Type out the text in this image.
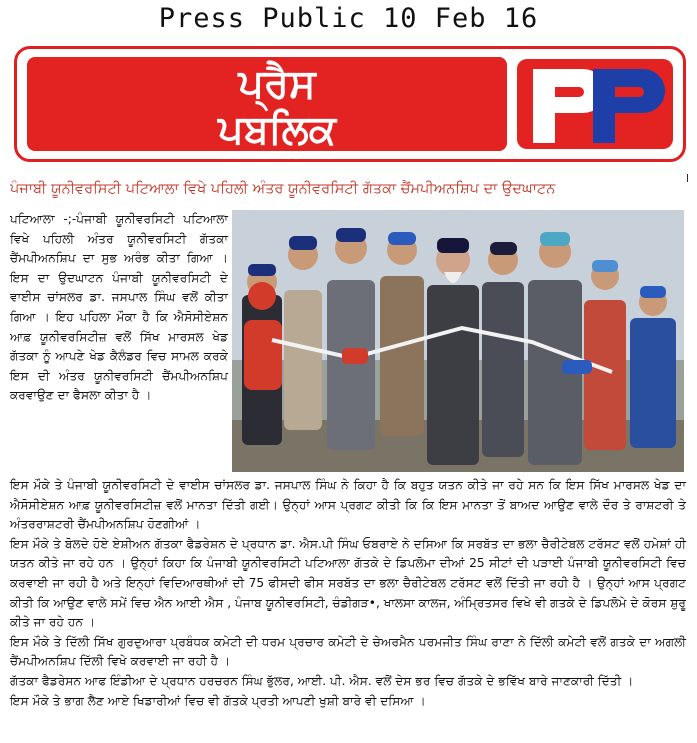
Press Public 10 Feb 16
ਪ੍ਰੈਸ
ਪਬਲਿਕ
l
ਪੰਜਾਬੀ ਯੂਨੀਵਰਸਿਟੀ ਪਟਿਆਲਾ ਵਿਖੇ ਪਹਿਲੀ ਅੰਤਰ ਯੂਨੀਵਰਸਿਟੀ ਗੱਤਕਾ ਚੈਂਮਪੀਅਨਸ਼ਿਪ ਦਾ ਉਦਘਾਟਨ
ਪਟਿਆਲਾ -;-ਪੰਜਾਬੀ ਯੂਨੀਵਰਸਿਟੀ ਪਟਿਆਲਾ ਵਿਖੇ ਪਹਿਲੀ ਅੰਤਰ ਯੂਨੀਵਰਸਿਟੀ ਗੱਤਕਾ ਚੈਂਮਪੀਅਨਸ਼ਿਪ ਦਾ ਸੁਭ ਅਰੰਭ ਕੀਤਾ ਗਿਆ । ਇਸ ਦਾ ਉਦਘਾਟਨ ਪੰਜਾਬੀ ਯੂਨੀਵਰਸਿਟੀ ਦੇ ਵਾਈਸ ਚਾਂਸਲਰ ਡਾ. ਜਸਪਾਲ ਸਿੰਘ ਵਲੋਂ ਕੀਤਾ ਗਿਆ । ਇਹ ਪਹਿਲਾ ਮੌਕਾ ਹੈ ਕਿ ਐਸੋਸੀਏਸ਼ਨ ਆਫ਼ ਯੂਨੀਵਰਸਿਟੀਜ਼ ਵਲੋਂ ਸਿੱਖ ਮਾਰਸਲ ਖੇਡ ਗੱਤਕਾ ਨੂੰ ਆਪਣੇ ਖੇਡ ਕੈਲੰਡਰ ਵਿਚ ਸਾਮਲ ਕਰਕੇ ਇਸ ਦੀ ਅੰਤਰ ਯੂਨੀਵਰਸਿਟੀ ਚੈਂਮਪੀਅਨਸ਼ਿਪ ਕਰਵਾਉਣ ਦਾ ਫੈਸਲਾ ਕੀਤਾ ਹੈ ।

ਇਸ ਮੌਕੇ ਤੇ ਪੰਜਾਬੀ ਯੂਨੀਵਰਸਿਟੀ ਦੇ ਵਾਈਸ ਚਾਂਸਲਰ ਡਾ. ਜਸਪਾਲ ਸਿੰਘ ਨੇ ਕਿਹਾ ਹੈ ਕਿ ਬਹੁਤ ਯਤਨ ਕੀਤੇ ਜਾ ਰਹੇ ਸਨ ਕਿ ਇਸ ਸਿੱਖ ਮਾਰਸਲ ਖੇਡ ਦਾ ਐਸੋਸੀਏਸ਼ਨ ਆਫ਼ ਯੂਨੀਵਰਸਿਟੀਜ਼ ਵਲੋਂ ਮਾਨਤਾ ਦਿੱਤੀ ਗਈ। ਉਨ੍ਹਾਂ ਆਸ ਪ੍ਰਗਟ ਕੀਤੀ ਕਿ ਕਿ ਇਸ ਮਾਨਤਾ ਤੋਂ ਬਾਅਦ ਆਉਣ ਵਾਲੇ ਦੌਰ ਤੇ ਰਾਸ਼ਟਰੀ ਤੇ ਅੰਤਰਰਾਸ਼ਟਰੀ ਚੈਂਮਪੀਅਨਸ਼ਿਪ ਹੋਣਗੀਆਂ ।

ਇਸ ਮੌਕੇ ਤੇ ਬੋਲਦੇ ਹੋਏ ਏਸ਼ੀਅਨ ਗੱਤਕਾ ਫੈਡਰੇਸ਼ਨ ਦੇ ਪ੍ਰਧਾਨ ਡਾ. ਐਸ.ਪੀ ਸਿੰਘ ਓਬਰਾਏ ਨੇ ਦਸਿਆ ਕਿ ਸਰਬੱਤ ਦਾ ਭਲਾ ਚੈਰੀਟੇਬਲ ਟਰੱਸਟ ਵਲੋਂ ਹਮੇਸ਼ਾਂ ਹੀ ਯਤਨ ਕੀਤੇ ਜਾ ਰਹੇ ਹਨ । ਉਨ੍ਹਾਂ ਕਿਹਾ ਕਿ ਪੰਜਾਬੀ ਯੂਨੀਵਰਸਿਟੀ ਪਟਿਆਲਾ ਗੱਤਕੇ ਦੇ ਡਿਪਲੋਮਾ ਦੀਆਂ 25 ਸੀਟਾਂ ਦੀ ਪੜਾਈ ਪੰਜਾਬੀ ਯੂਨੀਵਰਸਿਟੀ ਵਿਚ ਕਰਵਾਈ ਜਾ ਰਹੀ ਹੈ ਅਤੇ ਇਨ੍ਹਾਂ ਵਿਦਿਆਰਥੀਆਂ ਦੀ 75 ਫੀਸਦੀ ਫੀਸ ਸਰਬੱਤ ਦਾ ਭਲਾ ਚੈਰੀਟੇਬਲ ਟਰੱਸਟ ਵਲੋਂ ਦਿੱਤੀ ਜਾ ਰਹੀ ਹੈ । ਉਨ੍ਹਾਂ ਆਸ ਪ੍ਰਗਟ ਕੀਤੀ ਕਿ ਆਉਣ ਵਾਲੇ ਸਮੇਂ ਵਿਚ ਐਨ ਆਈ ਐਸ , ਪੰਜਾਬ ਯੂਨੀਵਰਸਿਟੀ, ਚੰਡੀਗੜ•, ਖਾਲਸਾ ਕਾਲਜ, ਅੰਮ੍ਰਿਤਸਰ ਵਿਖੇ ਵੀ ਗਤਕੇ ਦੇ ਡਿਪਲੋਮੇ ਦੇ ਕੋਰਸ ਸ਼ੁਰੂ ਕੀਤੇ ਜਾ ਰਹੇ ਹਨ ।

ਇਸ ਮੌਕੇ ਤੇ ਦਿੱਲੀ ਸਿੱਖ ਗੁਰਦੁਆਰਾ ਪ੍ਰਬੰਧਕ ਕਮੇਟੀ ਦੀ ਧਰਮ ਪ੍ਰਚਾਰ ਕਮੇਟੀ ਦੇ ਚੇਅਰਮੈਨ ਪਰਮਜੀਤ ਸਿੰਘ ਰਾਣਾ ਨੇ ਦਿੱਲੀ ਕਮੇਟੀ ਵਲੋਂ ਗਤਕੇ ਦਾ ਅਗਲੀ ਚੈਂਮਪੀਅਨਸ਼ਿਪ ਦਿੱਲੀ ਵਿਖੇ ਕਰਵਾਈ ਜਾ ਰਹੀ ਹੈ ।

ਗੱਤਕਾ ਫੈਡਰੇਸਨ ਆਫ ਇੰਡੀਆ ਦੇ ਪ੍ਰਧਾਨ ਹਰਚਰਨ ਸਿੰਘ ਭੁੱਲਰ, ਆਈ. ਪੀ. ਐਸ. ਵਲੋਂ ਦੇਸ ਭਰ ਵਿਚ ਗੱਤਕੇ ਦੇ ਭਵਿੱਖ ਬਾਰੇ ਜਾਣਕਾਰੀ ਦਿੱਤੀ ।

ਇਸ ਮੌਕੇ ਤੇ ਭਾਗ ਲੈਣ ਆਏ ਖਿਡਾਰੀਆਂ ਵਿਚ ਵੀ ਗੱਤਕੇ ਪ੍ਰਤੀ ਆਪਣੀ ਖੁਸ਼ੀ ਬਾਰੇ ਵੀ ਦਸਿਆ ।
